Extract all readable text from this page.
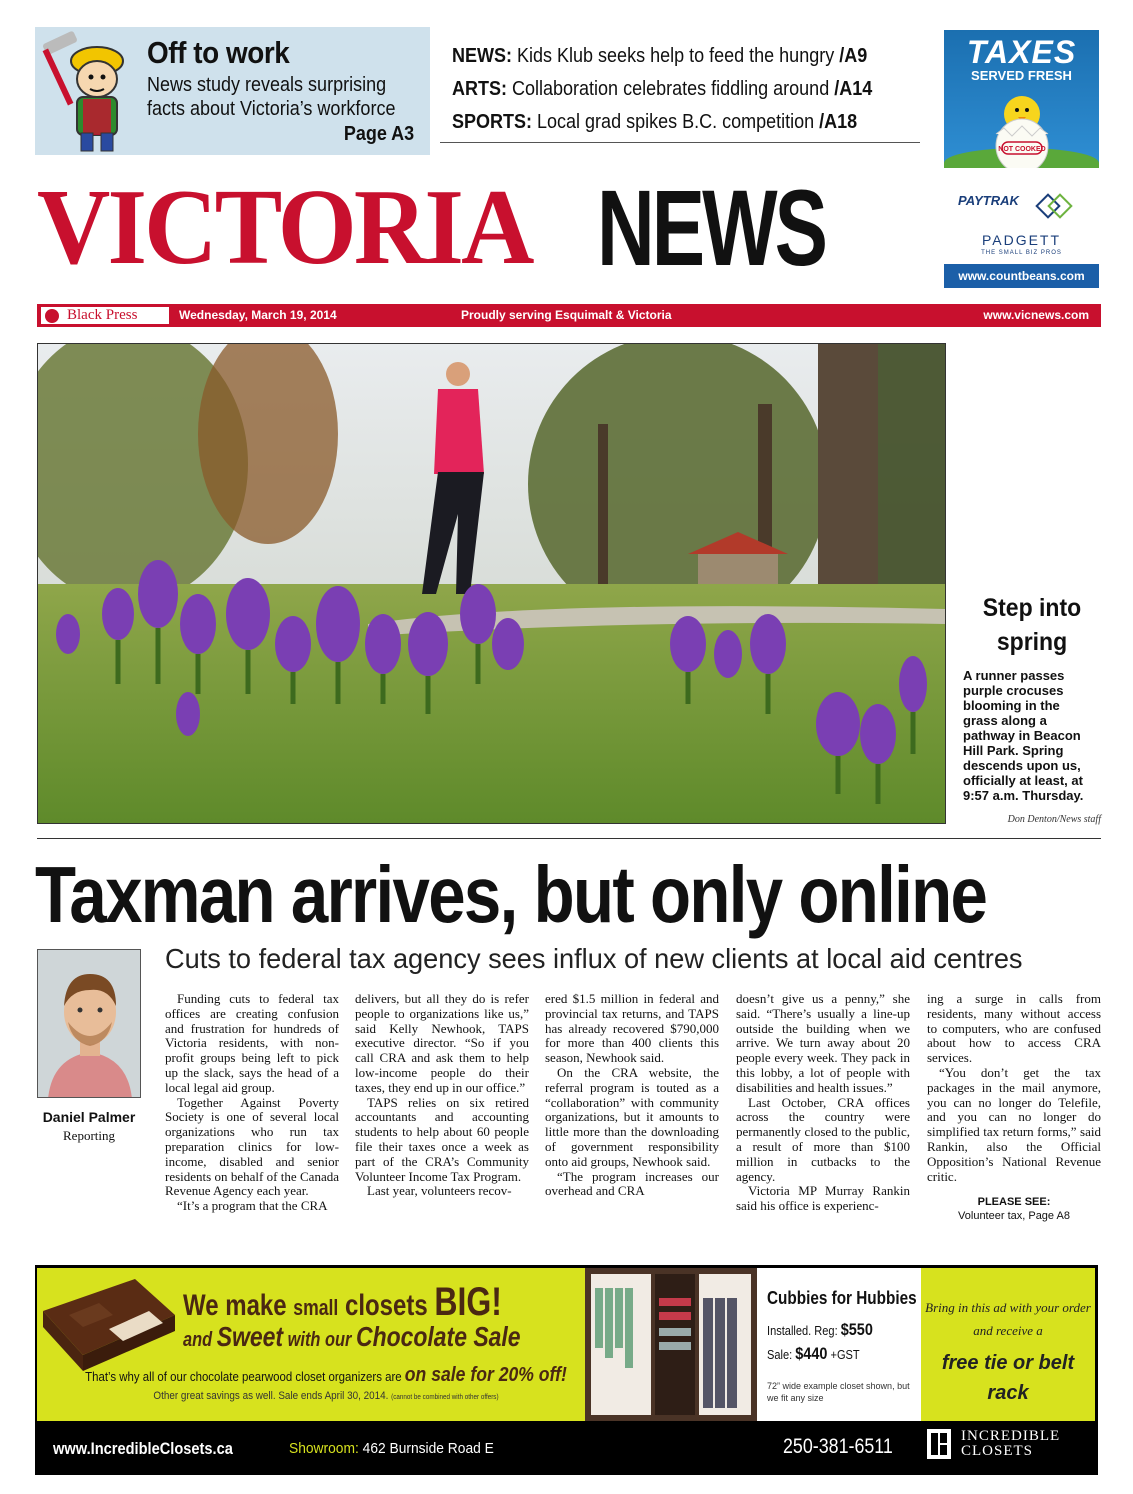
Off to work
News study reveals surprising facts about Victoria’s workforce
Page A3
NEWS: Kids Klub seeks help to feed the hungry /A9
ARTS: Collaboration celebrates fiddling around /A14
SPORTS: Local grad spikes B.C. competition /A18
TAXES
SERVED FRESH
NOT COOKED
PAYTRAK
PADGETT
THE SMALL BIZ PROS
www.countbeans.com
VICTORIA NEWS
Black Press	Wednesday, March 19, 2014	Proudly serving Esquimalt & Victoria	www.vicnews.com
Step into spring
A runner passes purple crocuses blooming in the grass along a pathway in Beacon Hill Park. Spring descends upon us, officially at least, at 9:57 a.m. Thursday.
Don Denton/News staff
Taxman arrives, but only online
Cuts to federal tax agency sees influx of new clients at local aid centres
Daniel Palmer
Reporting

Funding cuts to federal tax offices are creating confusion and frustration for hundreds of Victoria residents, with non-profit groups being left to pick up the slack, says the head of a local legal aid group.

Together Against Poverty Society is one of several local organizations who run tax preparation clinics for low-income, disabled and senior residents on behalf of the Canada Revenue Agency each year.

“It’s a program that the CRA

delivers, but all they do is refer people to organizations like us,” said Kelly Newhook, TAPS executive director. “So if you call CRA and ask them to help low-income people do their taxes, they end up in our office.”

TAPS relies on six retired accountants and accounting students to help about 60 people file their taxes once a week as part of the CRA’s Community Volunteer Income Tax Program.

Last year, volunteers recov-

ered $1.5 million in federal and provincial tax returns, and TAPS has already recovered $790,000 for more than 400 clients this season, Newhook said.

On the CRA website, the referral program is touted as a “collaboration” with community organizations, but it amounts to little more than the downloading of government responsibility onto aid groups, Newhook said.

“The program increases our overhead and CRA

doesn’t give us a penny,” she said. “There’s usually a line-up outside the building when we arrive. We turn away about 20 people every week. They pack in this lobby, a lot of people with disabilities and health issues.”

Last October, CRA offices across the country were permanently closed to the public, a result of more than $100 million in cutbacks to the agency.

Victoria MP Murray Rankin said his office is experienc-

ing a surge in calls from residents, many without access to computers, who are confused about how to access CRA services.

“You don’t get the tax packages in the mail anymore, you can no longer do Telefile, and you can no longer do simplified tax return forms,” said Rankin, also the Official Opposition’s National Revenue critic.

PLEASE SEE:
Volunteer tax, Page A8
We make small closets BIG!
and Sweet with our Chocolate Sale
That’s why all of our chocolate pearwood closet organizers are on sale for 20% off!
Other great savings as well. Sale ends April 30, 2014. (cannot be combined with other offers)
Cubbies for Hubbies
Installed. Reg: $550
Sale: $440 +GST
72” wide example closet shown, but we fit any size
Bring in this ad with your order and receive a
free tie or belt rack
www.IncredibleClosets.ca	Showroom: 462 Burnside Road E	250-381-6511	INCREDIBLE
CLOSETS
